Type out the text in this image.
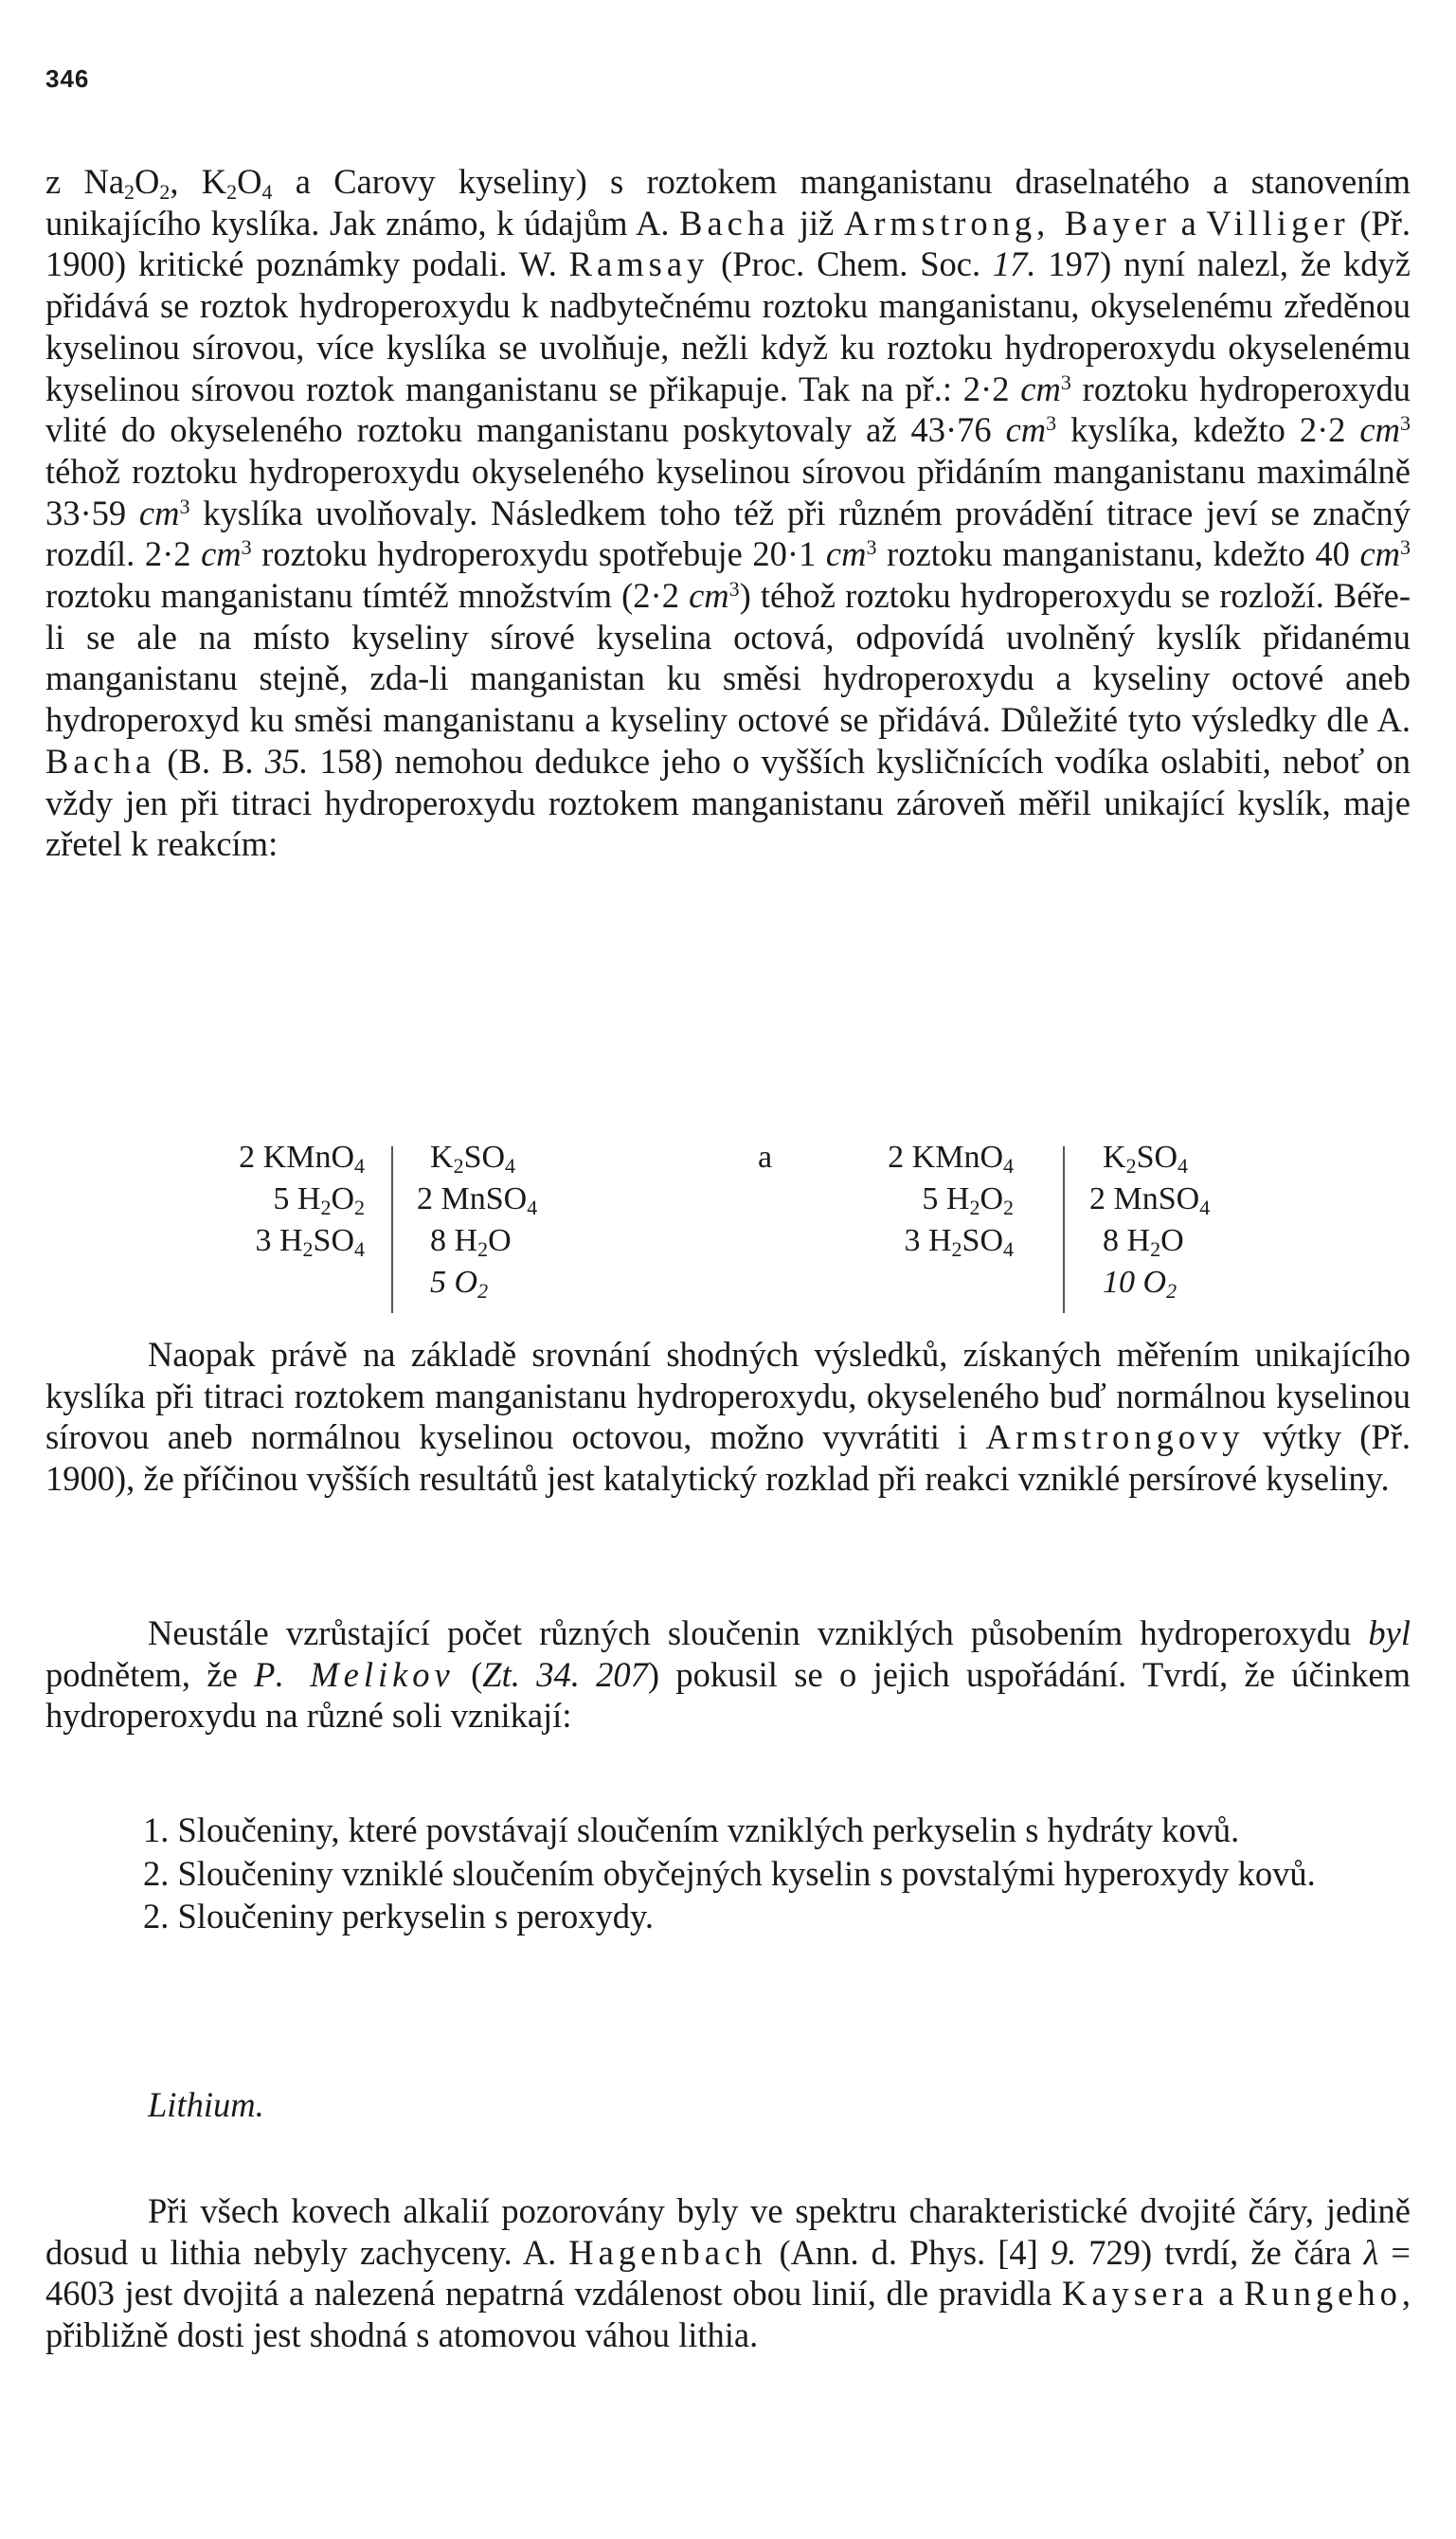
346
z $Na_2O_2$, $K_2O_4$ a Carovy kyseliny) s roztokem manganistanu draselnatého a stanovením unikajícího kyslíka. Jak známo, k údajům A. Bacha již Armstrong, Bayer a Villiger (Př. 1900) kritické poznámky podali. W. Ramsay (Proc. Chem. Soc. 17. 197) nyní nalezl, že když přidává se roztok hydroperoxydu k nadbytečnému roztoku manganistanu, okyselenému zředěnou kyselinou sírovou, více kyslíka se uvolňuje, nežli když ku roztoku hydroperoxydu okyselenému kyselinou sírovou roztok manganistanu se přikapuje. Tak na př.: 2·2 $cm^3$ roztoku hydroperoxydu vlité do okyseleného roztoku manganistanu poskytovaly až 43·76 $cm^3$ kyslíka, kdežto 2·2 $cm^3$ téhož roztoku hydroperoxydu okyseleného kyselinou sírovou přidáním manganistanu maximálně 33·59 $cm^3$ kyslíka uvolňovaly. Následkem toho též při různém provádění titrace jeví se značný rozdíl. 2·2 $cm^3$ roztoku hydroperoxydu spotřebuje 20·1 $cm^3$ roztoku manganistanu, kdežto 40 $cm^3$ roztoku manganistanu tímtéž množstvím (2·2 $cm^3$) téhož roztoku hydroperoxydu se rozloží. Béře-li se ale na místo kyseliny sírové kyselina octová, odpovídá uvolněný kyslík přidanému manganistanu stejně, zda-li manganistan ku směsi hydroperoxydu a kyseliny octové aneb hydroperoxyd ku směsi manganistanu a kyseliny octové se přidává. Důležité tyto výsledky dle A. Bacha (B. B. 35. 158) nemohou dedukce jeho o vyšších kysličnících vodíka oslabiti, neboť on vždy jen při titraci hydroperoxydu roztokem manganistanu zároveň měřil unikající kyslík, maje zřetel k reakcím:
2 KMnO$_4$
5 $H_2O_2$
3 $H_2SO_4$
$K_2SO_4$
2 MnSO$_4$
8 $H_2O$
5 $O_2$
a	2 KMnO$_4$
5 $H_2O_2$
3 $H_2SO_4$
$K_2SO_4$
2 MnSO$_4$
8 $H_2O$
10 $O_2$
Naopak právě na základě srovnání shodných výsledků, získaných měřením unikajícího kyslíka při titraci roztokem manganistanu hydroperoxydu, okyseleného buď normálnou kyselinou sírovou aneb normálnou kyselinou octovou, možno vyvrátiti i Armstrongovy výtky (Př. 1900), že příčinou vyšších resultátů jest katalytický rozklad při reakci vzniklé persírové kyseliny.
Neustále vzrůstající počet různých sloučenin vzniklých působením hydroperoxydu byl podnětem, že P. Melikov (Zt. 34. 207) pokusil se o jejich uspořádání. Tvrdí, že účinkem hydroperoxydu na různé soli vznikají:
1. Sloučeniny, které povstávají sloučením vzniklých perkyselin s hydráty kovů.
2. Sloučeniny vzniklé sloučením obyčejných kyselin s povstalými hyperoxydy kovů.
2. Sloučeniny perkyselin s peroxydy.
Lithium.
Při všech kovech alkalií pozorovány byly ve spektru charakteristické dvojité čáry, jedině dosud u lithia nebyly zachyceny. A. Hagenbach (Ann. d. Phys. [4] 9. 729) tvrdí, že čára λ = 4603 jest dvojitá a nalezená nepatrná vzdálenost obou linií, dle pravidla Kaysera a Rungeho, přibližně dosti jest shodná s atomovou váhou lithia.
